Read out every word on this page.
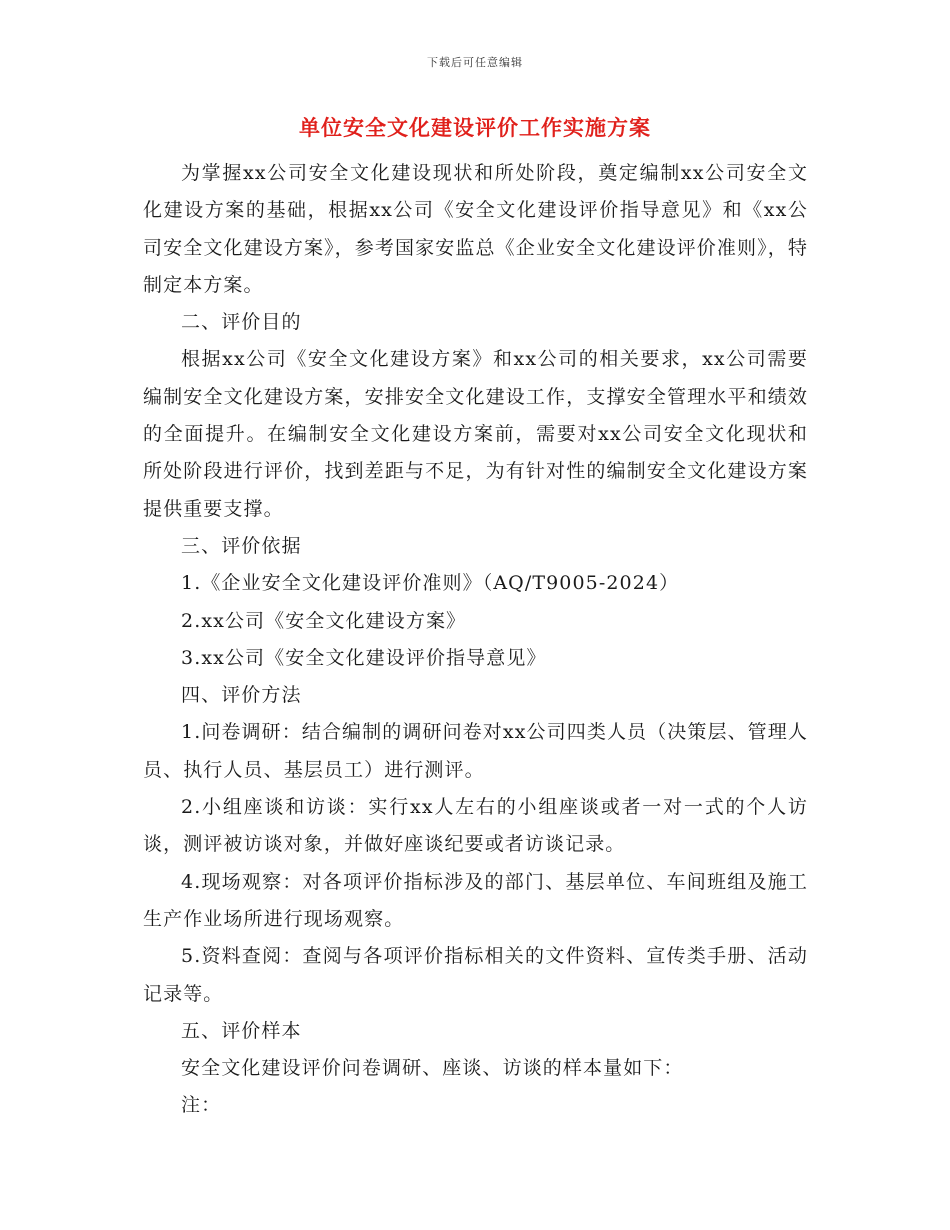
下载后可任意编辑
单位安全文化建设评价工作实施方案

为掌握xx公司安全文化建设现状和所处阶段，奠定编制xx公司安全文化建设方案的基础，根据xx公司《安全文化建设评价指导意见》和《xx公司安全文化建设方案》，参考国家安监总《企业安全文化建设评价准则》，特制定本方案。

二、评价目的

根据xx公司《安全文化建设方案》和xx公司的相关要求，xx公司需要编制安全文化建设方案，安排安全文化建设工作，支撑安全管理水平和绩效的全面提升。在编制安全文化建设方案前，需要对xx公司安全文化现状和所处阶段进行评价，找到差距与不足，为有针对性的编制安全文化建设方案提供重要支撑。

三、评价依据

1.《企业安全文化建设评价准则》（AQ/T9005-2024）

2.xx公司《安全文化建设方案》

3.xx公司《安全文化建设评价指导意见》

四、评价方法

1.问卷调研：结合编制的调研问卷对xx公司四类人员（决策层、管理人员、执行人员、基层员工）进行测评。

2.小组座谈和访谈：实行xx人左右的小组座谈或者一对一式的个人访谈，测评被访谈对象，并做好座谈纪要或者访谈记录。

4.现场观察：对各项评价指标涉及的部门、基层单位、车间班组及施工生产作业场所进行现场观察。

5.资料查阅：查阅与各项评价指标相关的文件资料、宣传类手册、活动记录等。

五、评价样本

安全文化建设评价问卷调研、座谈、访谈的样本量如下：

注：
